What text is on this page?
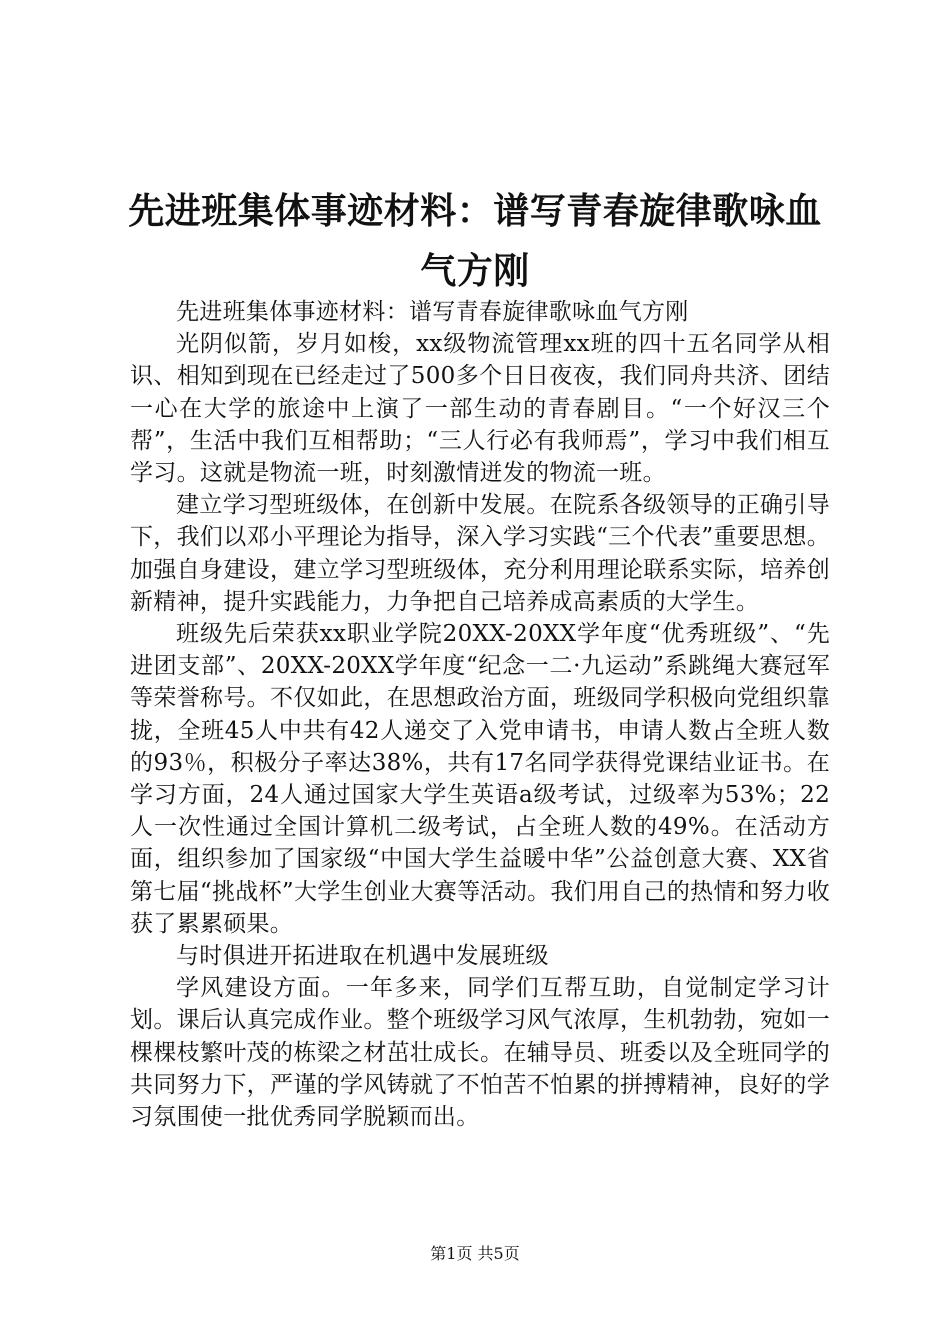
先进班集体事迹材料：谱写青春旋律歌咏血气方刚

先进班集体事迹材料：谱写青春旋律歌咏血气方刚

光阴似箭，岁月如梭，xx级物流管理xx班的四十五名同学从相识、相知到现在已经走过了500多个日日夜夜，我们同舟共济、团结一心在大学的旅途中上演了一部生动的青春剧目。“一个好汉三个帮”，生活中我们互相帮助；“三人行必有我师焉”，学习中我们相互学习。这就是物流一班，时刻激情迸发的物流一班。

建立学习型班级体，在创新中发展。在院系各级领导的正确引导下，我们以邓小平理论为指导，深入学习实践“三个代表”重要思想。加强自身建设，建立学习型班级体，充分利用理论联系实际，培养创新精神，提升实践能力，力争把自己培养成高素质的大学生。

班级先后荣获xx职业学院20XX-20XX学年度“优秀班级”、“先进团支部”、20XX-20XX学年度“纪念一二·九运动”系跳绳大赛冠军等荣誉称号。不仅如此，在思想政治方面，班级同学积极向党组织靠拢，全班45人中共有42人递交了入党申请书，申请人数占全班人数的93％，积极分子率达38%，共有17名同学获得党课结业证书。在学习方面，24人通过国家大学生英语a级考试，过级率为53%；22人一次性通过全国计算机二级考试，占全班人数的49%。在活动方面，组织参加了国家级“中国大学生益暖中华”公益创意大赛、XX省第七届“挑战杯”大学生创业大赛等活动。我们用自己的热情和努力收获了累累硕果。

与时俱进开拓进取在机遇中发展班级

学风建设方面。一年多来，同学们互帮互助，自觉制定学习计划。课后认真完成作业。整个班级学习风气浓厚，生机勃勃，宛如一棵棵枝繁叶茂的栋梁之材茁壮成长。在辅导员、班委以及全班同学的共同努力下，严谨的学风铸就了不怕苦不怕累的拼搏精神，良好的学习氛围使一批优秀同学脱颖而出。

第1页 共5页
